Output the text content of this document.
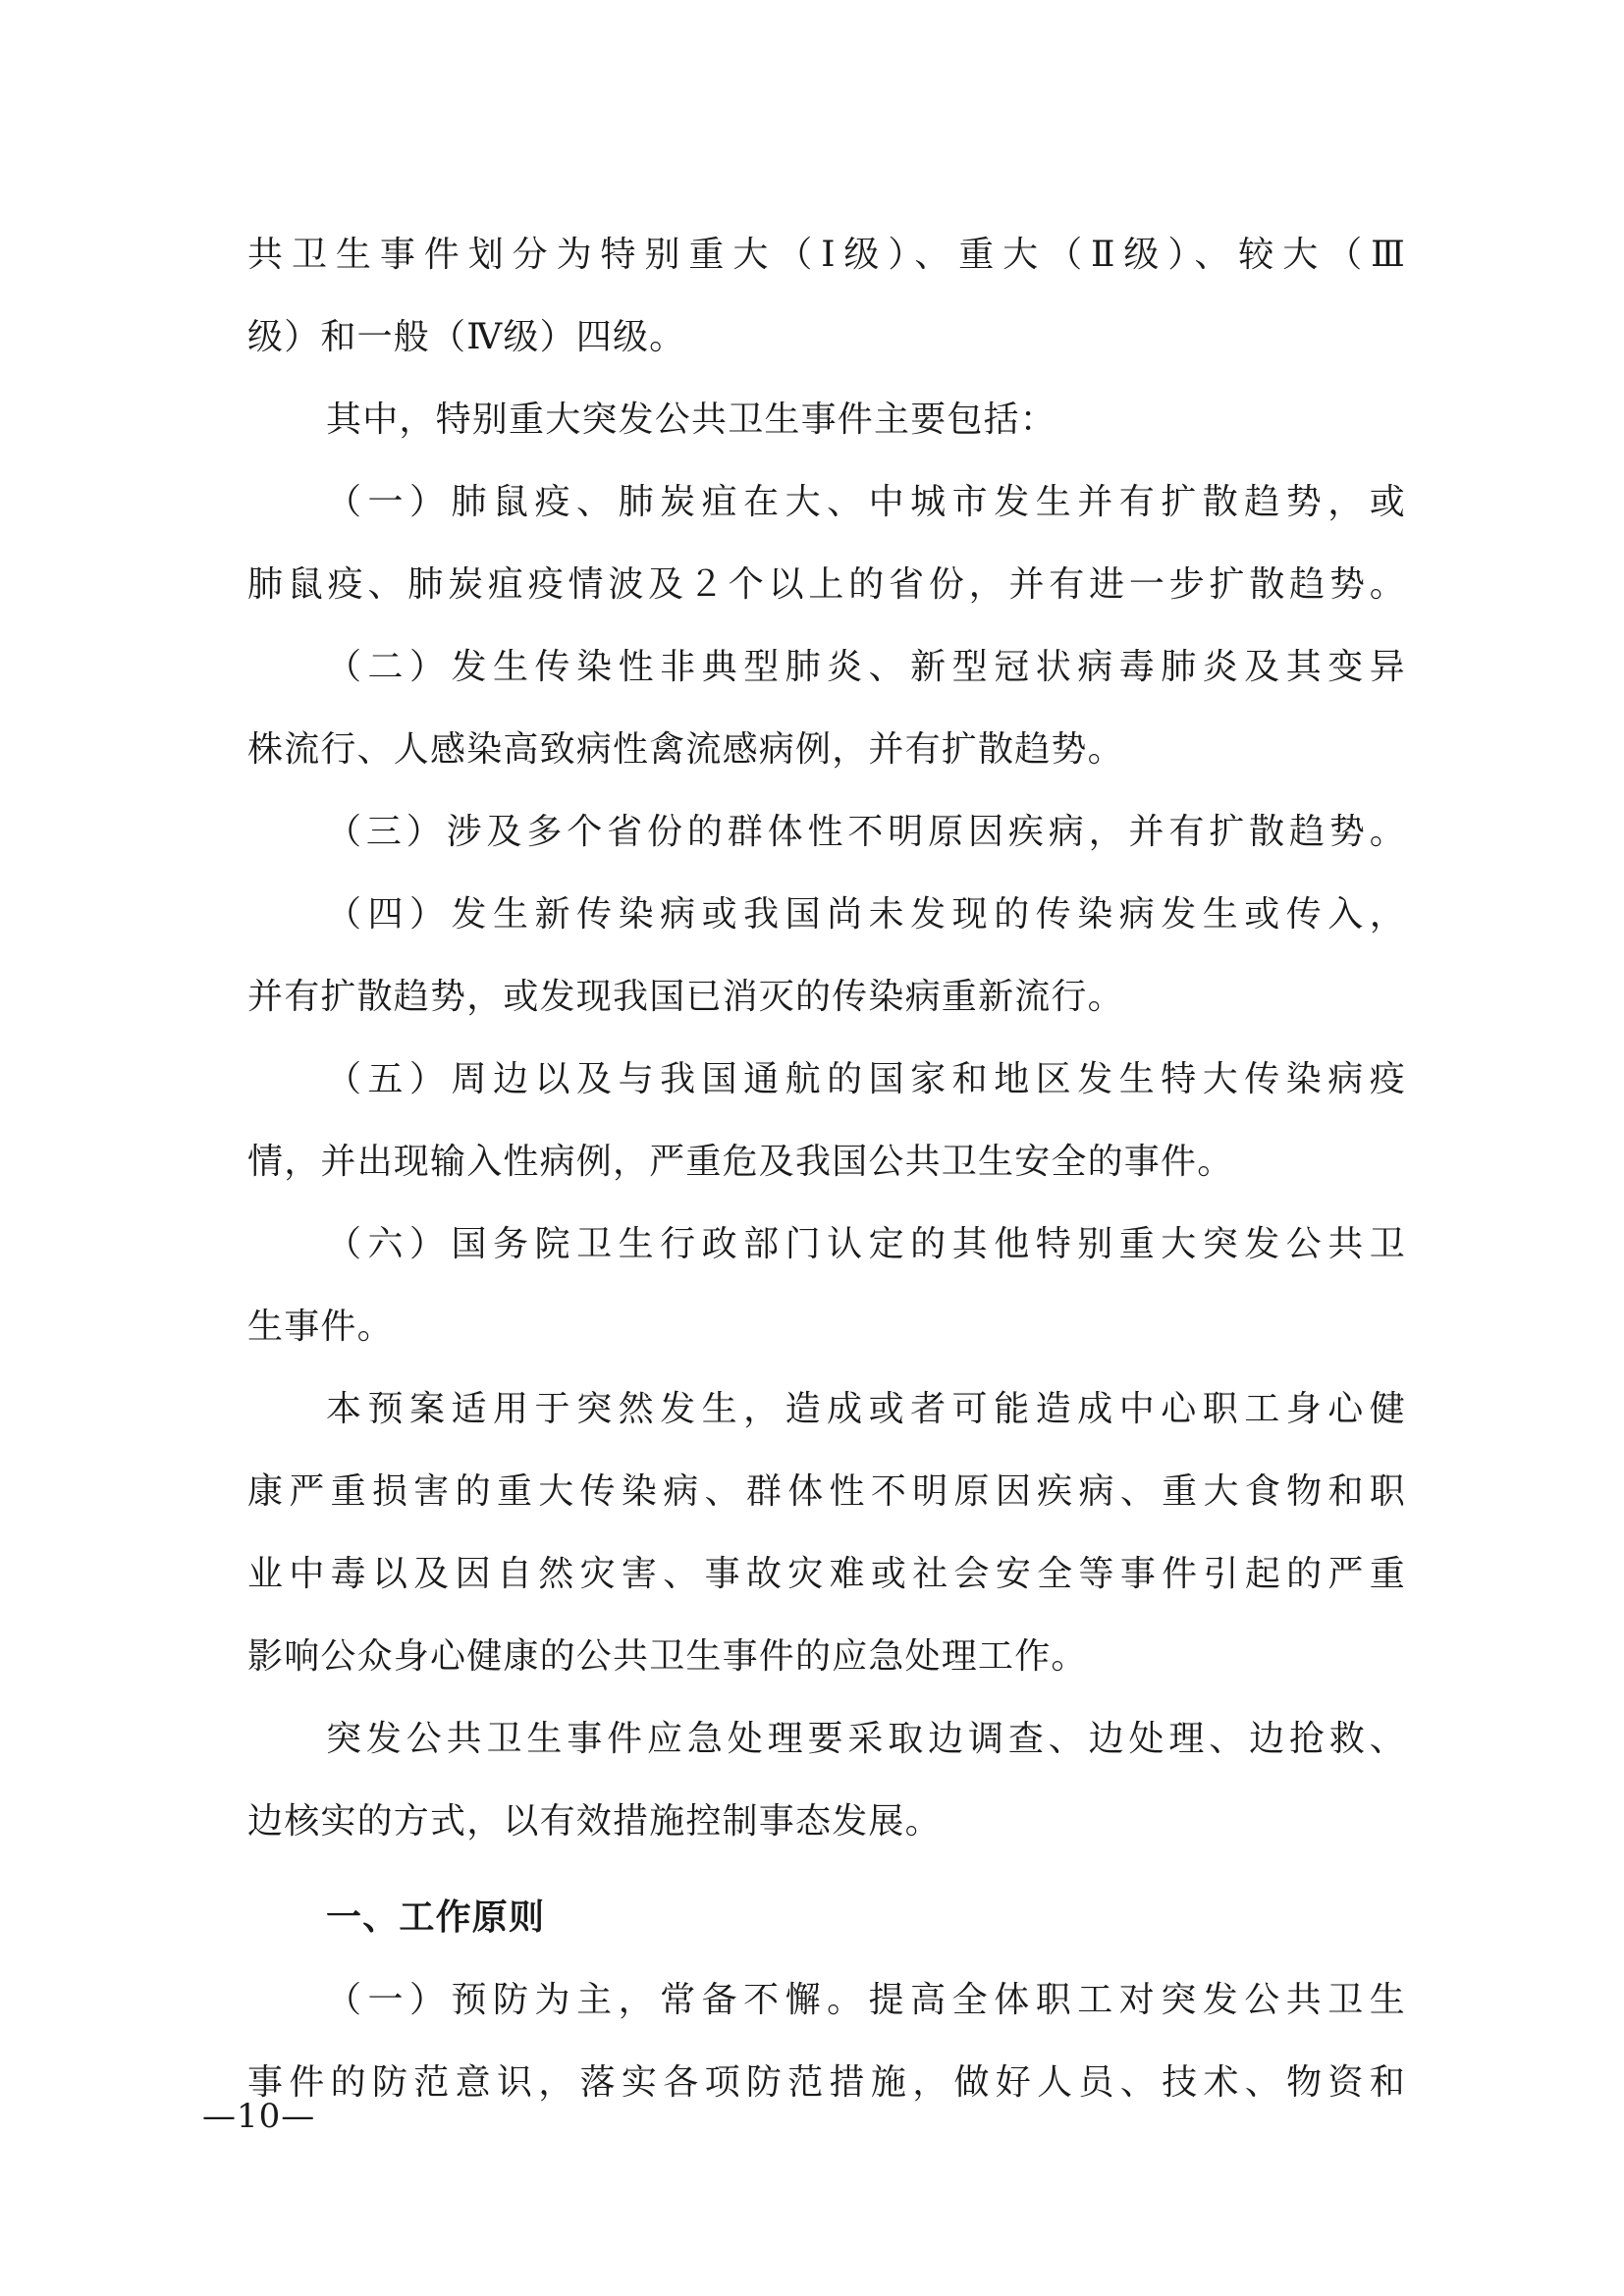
共卫生事件划分为特别重大（Ⅰ级）、重大（Ⅱ级）、较大（Ⅲ
级）和一般（Ⅳ级）四级。
其中，特别重大突发公共卫生事件主要包括：
（一）肺鼠疫、肺炭疽在大、中城市发生并有扩散趋势，或
肺鼠疫、肺炭疽疫情波及２个以上的省份，并有进一步扩散趋势。
（二）发生传染性非典型肺炎、新型冠状病毒肺炎及其变异
株流行、人感染高致病性禽流感病例，并有扩散趋势。
（三）涉及多个省份的群体性不明原因疾病，并有扩散趋势。
（四）发生新传染病或我国尚未发现的传染病发生或传入，
并有扩散趋势，或发现我国已消灭的传染病重新流行。
（五）周边以及与我国通航的国家和地区发生特大传染病疫
情，并出现输入性病例，严重危及我国公共卫生安全的事件。
（六）国务院卫生行政部门认定的其他特别重大突发公共卫
生事件。
本预案适用于突然发生，造成或者可能造成中心职工身心健
康严重损害的重大传染病、群体性不明原因疾病、重大食物和职
业中毒以及因自然灾害、事故灾难或社会安全等事件引起的严重
影响公众身心健康的公共卫生事件的应急处理工作。
突发公共卫生事件应急处理要采取边调查、边处理、边抢救、
边核实的方式，以有效措施控制事态发展。
一、工作原则
（一）预防为主，常备不懈。提高全体职工对突发公共卫生
事件的防范意识，落实各项防范措施，做好人员、技术、物资和
—10—
